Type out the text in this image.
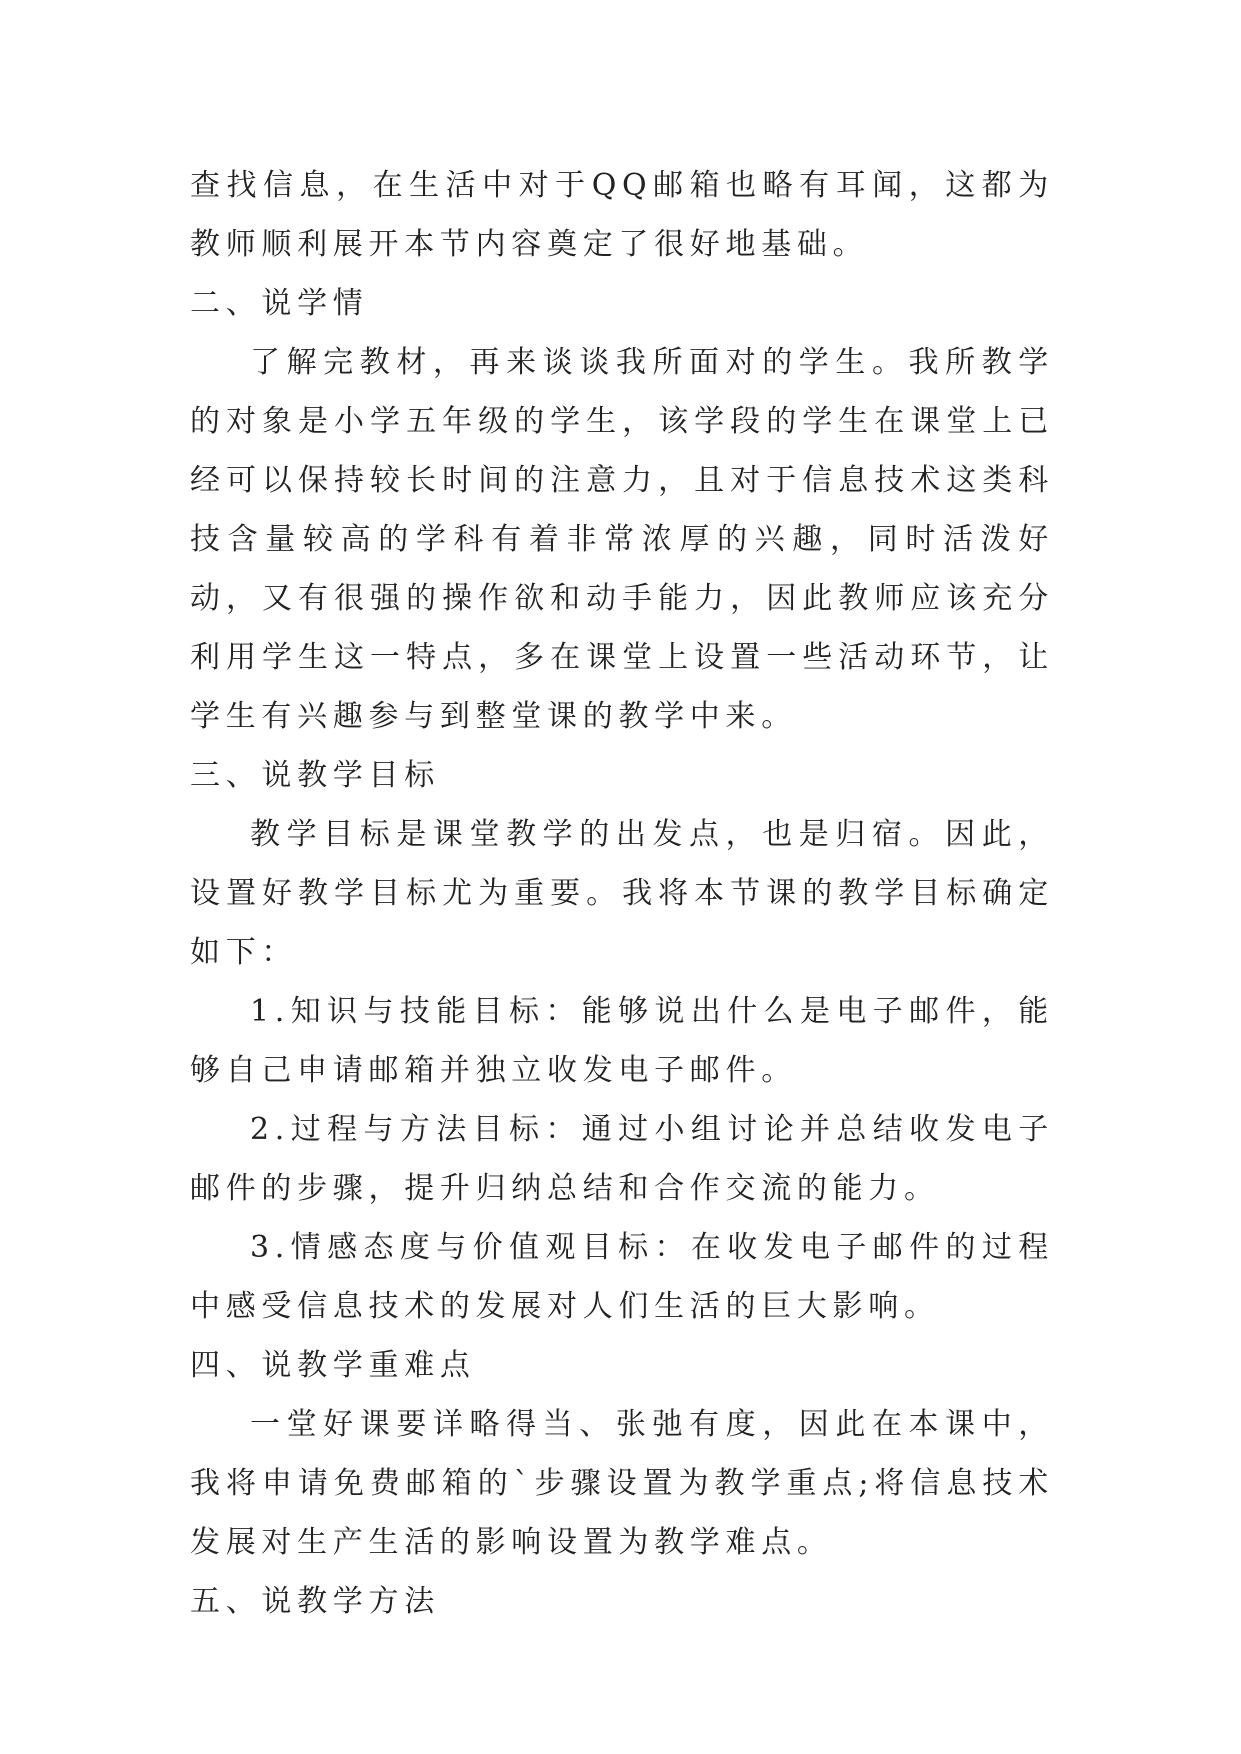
查找信息，在生活中对于QQ邮箱也略有耳闻，这都为教师顺利展开本节内容奠定了很好地基础。

二、说学情

了解完教材，再来谈谈我所面对的学生。我所教学的对象是小学五年级的学生，该学段的学生在课堂上已经可以保持较长时间的注意力，且对于信息技术这类科技含量较高的学科有着非常浓厚的兴趣，同时活泼好动，又有很强的操作欲和动手能力，因此教师应该充分利用学生这一特点，多在课堂上设置一些活动环节，让学生有兴趣参与到整堂课的教学中来。

三、说教学目标

教学目标是课堂教学的出发点，也是归宿。因此，设置好教学目标尤为重要。我将本节课的教学目标确定如下：

1.知识与技能目标：能够说出什么是电子邮件，能够自己申请邮箱并独立收发电子邮件。

2.过程与方法目标：通过小组讨论并总结收发电子邮件的步骤，提升归纳总结和合作交流的能力。

3.情感态度与价值观目标：在收发电子邮件的过程中感受信息技术的发展对人们生活的巨大影响。

四、说教学重难点

一堂好课要详略得当、张弛有度，因此在本课中，我将申请免费邮箱的`步骤设置为教学重点;将信息技术发展对生产生活的影响设置为教学难点。

五、说教学方法
